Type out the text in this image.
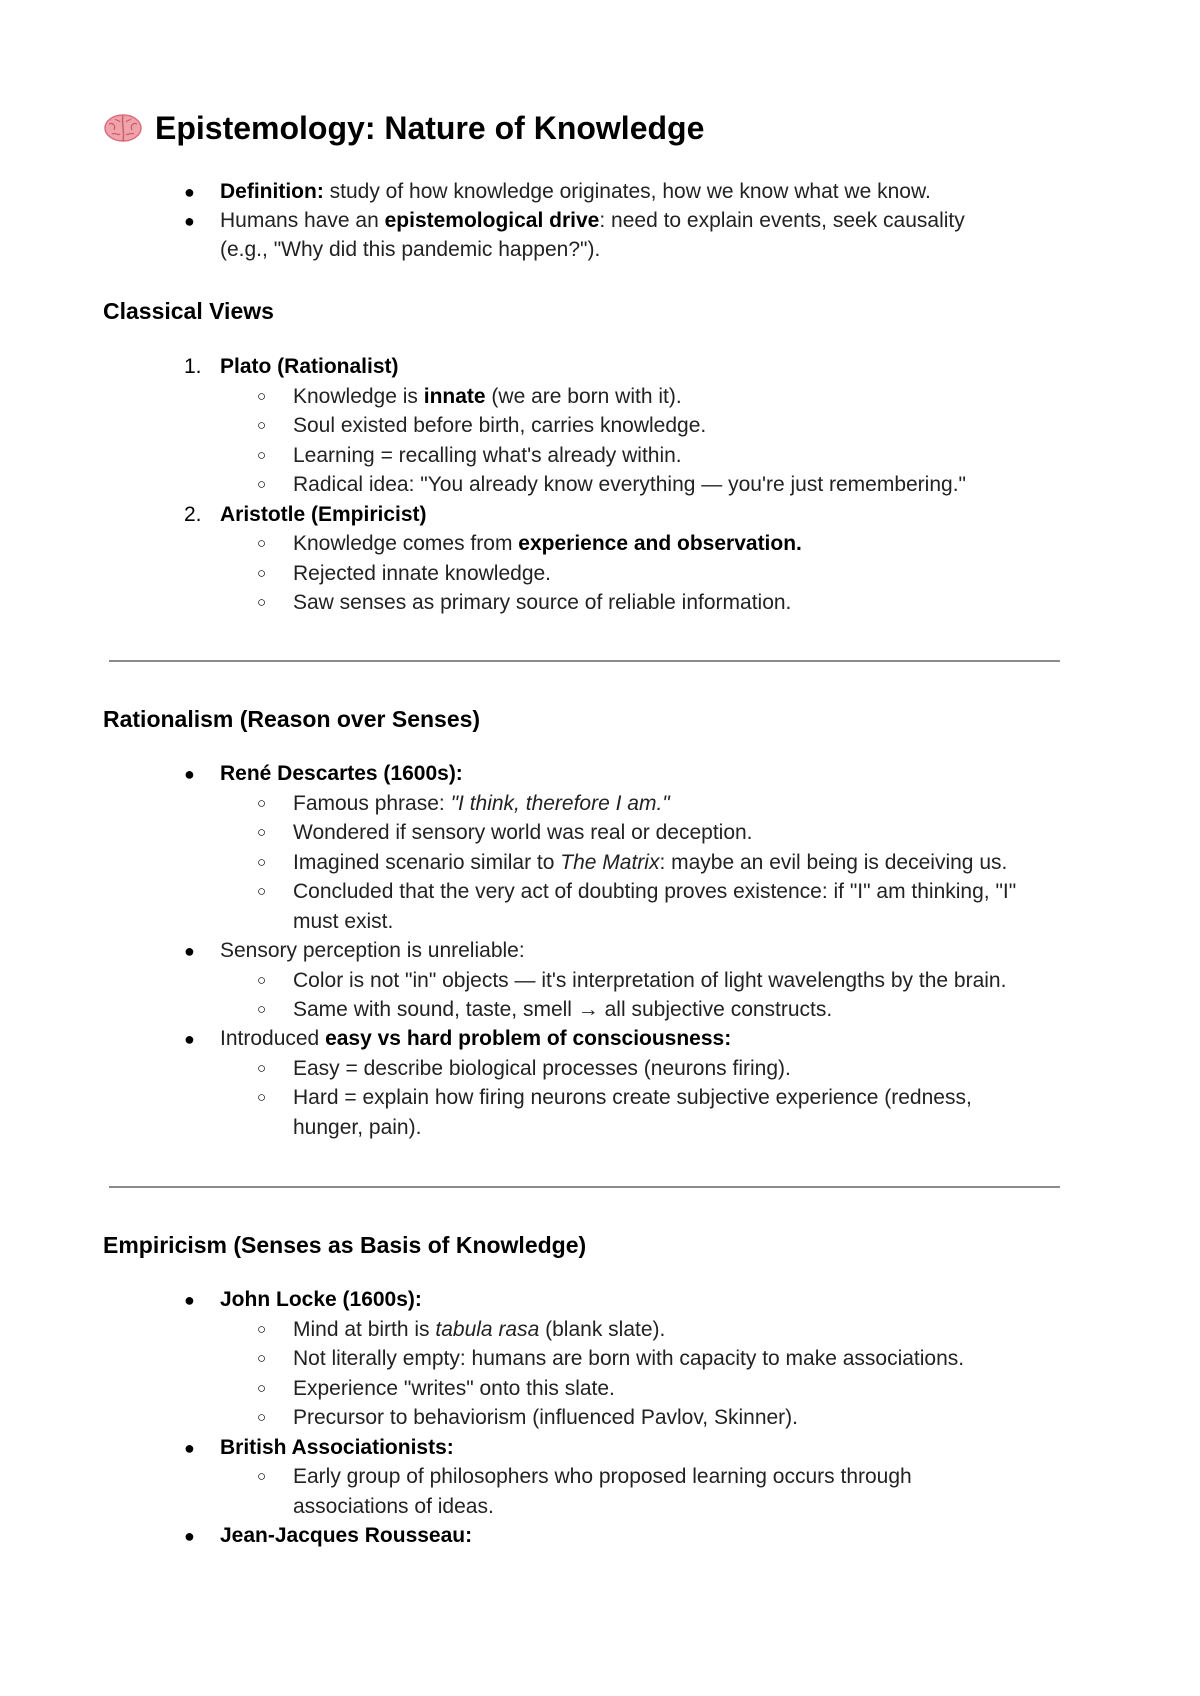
Epistemology: Nature of Knowledge
● Definition: study of how knowledge originates, how we know what we know.
● Humans have an epistemological drive: need to explain events, seek causality
(e.g., "Why did this pandemic happen?").
Classical Views
1. Plato (Rationalist)
○ Knowledge is innate (we are born with it).
○ Soul existed before birth, carries knowledge.
○ Learning = recalling what's already within.
○ Radical idea: "You already know everything — you're just remembering."
2. Aristotle (Empiricist)
○ Knowledge comes from experience and observation.
○ Rejected innate knowledge.
○ Saw senses as primary source of reliable information.
Rationalism (Reason over Senses)
● René Descartes (1600s):
○ Famous phrase: "I think, therefore I am."
○ Wondered if sensory world was real or deception.
○ Imagined scenario similar to The Matrix: maybe an evil being is deceiving us.
○ Concluded that the very act of doubting proves existence: if "I" am thinking, "I"
must exist.
● Sensory perception is unreliable:
○ Color is not "in" objects — it's interpretation of light wavelengths by the brain.
○ Same with sound, taste, smell → all subjective constructs.
● Introduced easy vs hard problem of consciousness:
○ Easy = describe biological processes (neurons firing).
○ Hard = explain how firing neurons create subjective experience (redness,
hunger, pain).
Empiricism (Senses as Basis of Knowledge)
● John Locke (1600s):
○ Mind at birth is tabula rasa (blank slate).
○ Not literally empty: humans are born with capacity to make associations.
○ Experience "writes" onto this slate.
○ Precursor to behaviorism (influenced Pavlov, Skinner).
● British Associationists:
○ Early group of philosophers who proposed learning occurs through
associations of ideas.
● Jean-Jacques Rousseau:
